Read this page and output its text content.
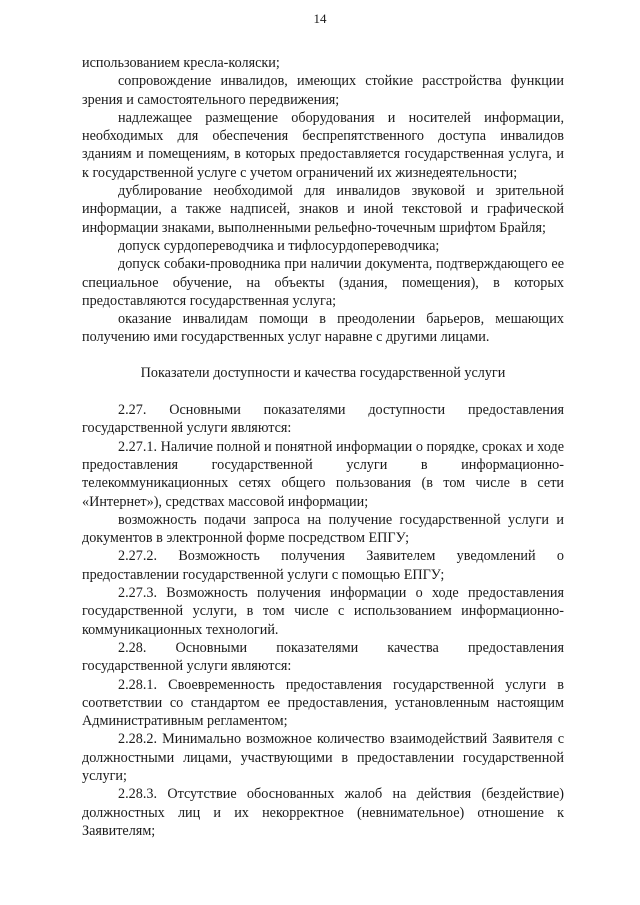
14

использованием кресла-коляски;

сопровождение инвалидов, имеющих стойкие расстройства функции зрения и самостоятельного передвижения;

надлежащее размещение оборудования и носителей информации, необходимых для обеспечения беспрепятственного доступа инвалидов зданиям и помещениям, в которых предоставляется государственная услуга, и к государственной услуге с учетом ограничений их жизнедеятельности;

дублирование необходимой для инвалидов звуковой и зрительной информации, а также надписей, знаков и иной текстовой и графической информации знаками, выполненными рельефно-точечным шрифтом Брайля;

допуск сурдопереводчика и тифлосурдопереводчика;

допуск собаки-проводника при наличии документа, подтверждающего ее специальное обучение, на объекты (здания, помещения), в которых предоставляются государственная услуга;

оказание инвалидам помощи в преодолении барьеров, мешающих получению ими государственных услуг наравне с другими лицами.

Показатели доступности и качества государственной услуги

2.27. Основными показателями доступности предоставления государственной услуги являются:

2.27.1. Наличие полной и понятной информации о порядке, сроках и ходе предоставления государственной услуги в информационно-телекоммуникационных сетях общего пользования (в том числе в сети «Интернет»), средствах массовой информации;

возможность подачи запроса на получение государственной услуги и документов в электронной форме посредством ЕПГУ;

2.27.2. Возможность получения Заявителем уведомлений о предоставлении государственной услуги с помощью ЕПГУ;

2.27.3. Возможность получения информации о ходе предоставления государственной услуги, в том числе с использованием информационно-коммуникационных технологий.

2.28. Основными показателями качества предоставления государственной услуги являются:

2.28.1. Своевременность предоставления государственной услуги в соответствии со стандартом ее предоставления, установленным настоящим Административным регламентом;

2.28.2. Минимально возможное количество взаимодействий Заявителя с должностными лицами, участвующими в предоставлении государственной услуги;

2.28.3. Отсутствие обоснованных жалоб на действия (бездействие) должностных лиц и их некорректное (невнимательное) отношение к Заявителям;
